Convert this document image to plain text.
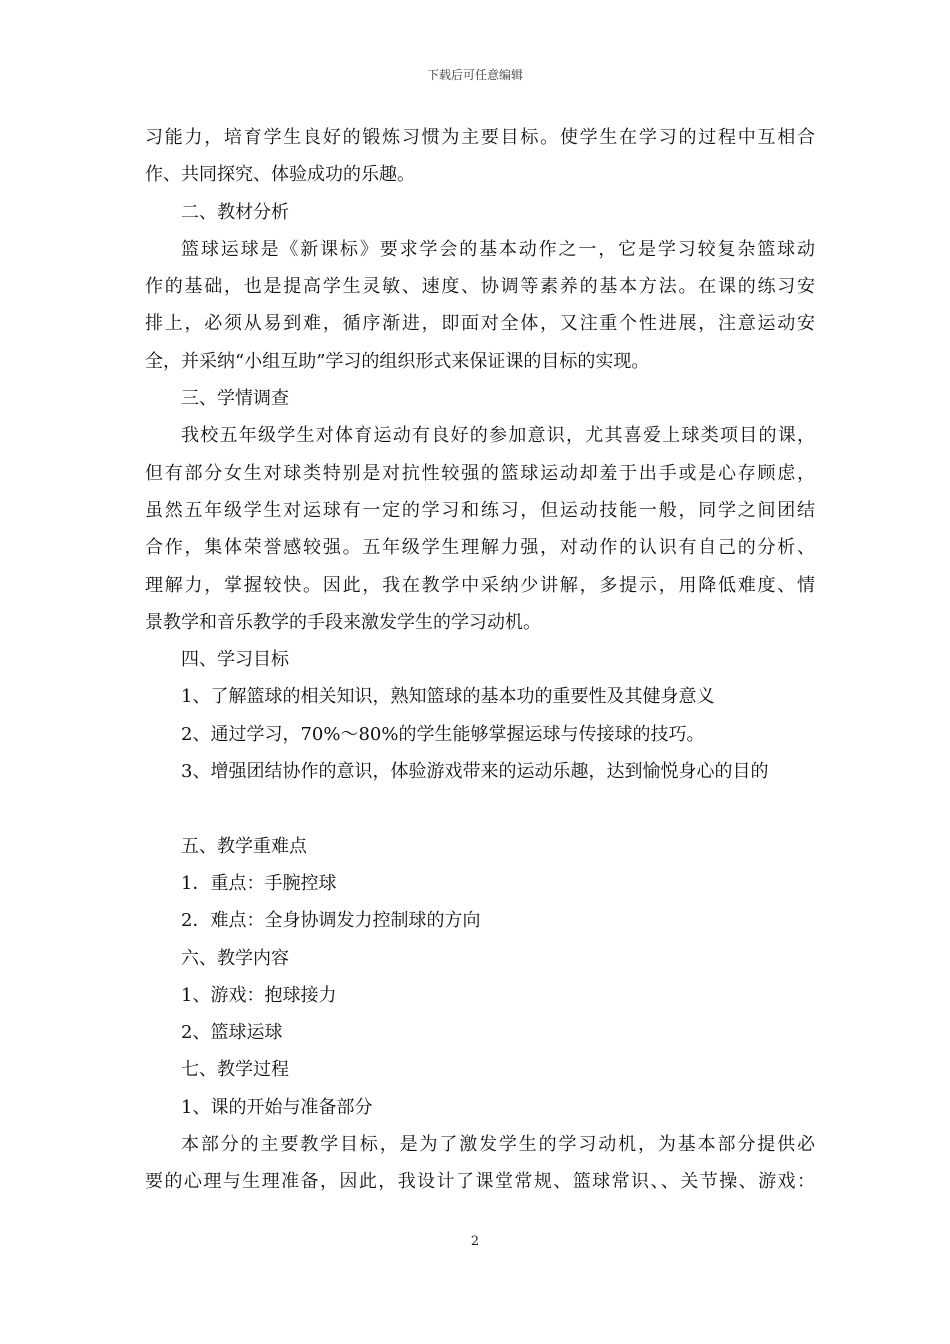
下载后可任意编辑

习能力，培育学生良好的锻炼习惯为主要目标。使学生在学习的过程中互相合

作、共同探究、体验成功的乐趣。

二、教材分析

篮球运球是《新课标》要求学会的基本动作之一，它是学习较复杂篮球动

作的基础，也是提高学生灵敏、速度、协调等素养的基本方法。在课的练习安

排上，必须从易到难，循序渐进，即面对全体，又注重个性进展，注意运动安

全，并采纳“小组互助”学习的组织形式来保证课的目标的实现。

三、学情调查

我校五年级学生对体育运动有良好的参加意识，尤其喜爱上球类项目的课，

但有部分女生对球类特别是对抗性较强的篮球运动却羞于出手或是心存顾虑，

虽然五年级学生对运球有一定的学习和练习，但运动技能一般，同学之间团结

合作，集体荣誉感较强。五年级学生理解力强，对动作的认识有自己的分析、

理解力，掌握较快。因此，我在教学中采纳少讲解，多提示，用降低难度、情

景教学和音乐教学的手段来激发学生的学习动机。

四、学习目标

1、了解篮球的相关知识，熟知篮球的基本功的重要性及其健身意义

2、通过学习，70%～80%的学生能够掌握运球与传接球的技巧。

3、增强团结协作的意识，体验游戏带来的运动乐趣，达到愉悦身心的目的

五、教学重难点

1．重点：手腕控球

2．难点：全身协调发力控制球的方向

六、教学内容

1、游戏：抱球接力

2、篮球运球

七、教学过程

1、课的开始与准备部分

本部分的主要教学目标，是为了激发学生的学习动机，为基本部分提供必

要的心理与生理准备，因此，我设计了课堂常规、篮球常识、、关节操、游戏：

2
